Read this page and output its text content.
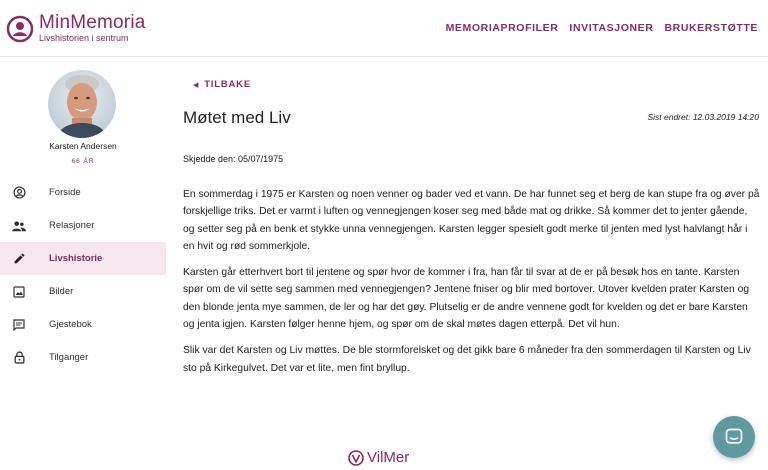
MinMemoria
Livshistorien i sentrum
MEMORIAPROFILER INVITASJONER BRUKERSTØTTE
Karsten Andersen
66 ÅR
Forside
Relasjoner
Livshistorie
Bilder
Gjestebok
Tilganger
◀ TILBAKE
Møtet med Liv	Sist endret: 12.03.2019 14:20
Skjedde den: 05/07/1975

En sommerdag i 1975 er Karsten og noen venner og bader ved et vann. De har funnet seg et berg de kan stupe fra og øver på forskjellige triks. Det er varmt i luften og vennegjengen koser seg med både mat og drikke. Så kommer det to jenter gående, og setter seg på en benk et stykke unna vennegjengen. Karsten legger spesielt godt merke til jenten med lyst halvlangt hår i en hvit og rød sommerkjole.

Karsten går etterhvert bort til jentene og spør hvor de kommer i fra, han får til svar at de er på besøk hos en tante. Karsten spør om de vil sette seg sammen med vennegjengen? Jentene fniser og blir med bortover. Utover kvelden prater Karsten og den blonde jenta mye sammen, de ler og har det gøy. Plutselig er de andre vennene godt for kvelden og det er bare Karsten og jenta igjen. Karsten følger henne hjem, og spør om de skal møtes dagen etterpå. Det vil hun.

Slik var det Karsten og Liv møttes. De ble stormforelsket og det gikk bare 6 måneder fra den sommerdagen til Karsten og Liv sto på Kirkegulvet. Det var et lite, men fint bryllup.

VilMer
